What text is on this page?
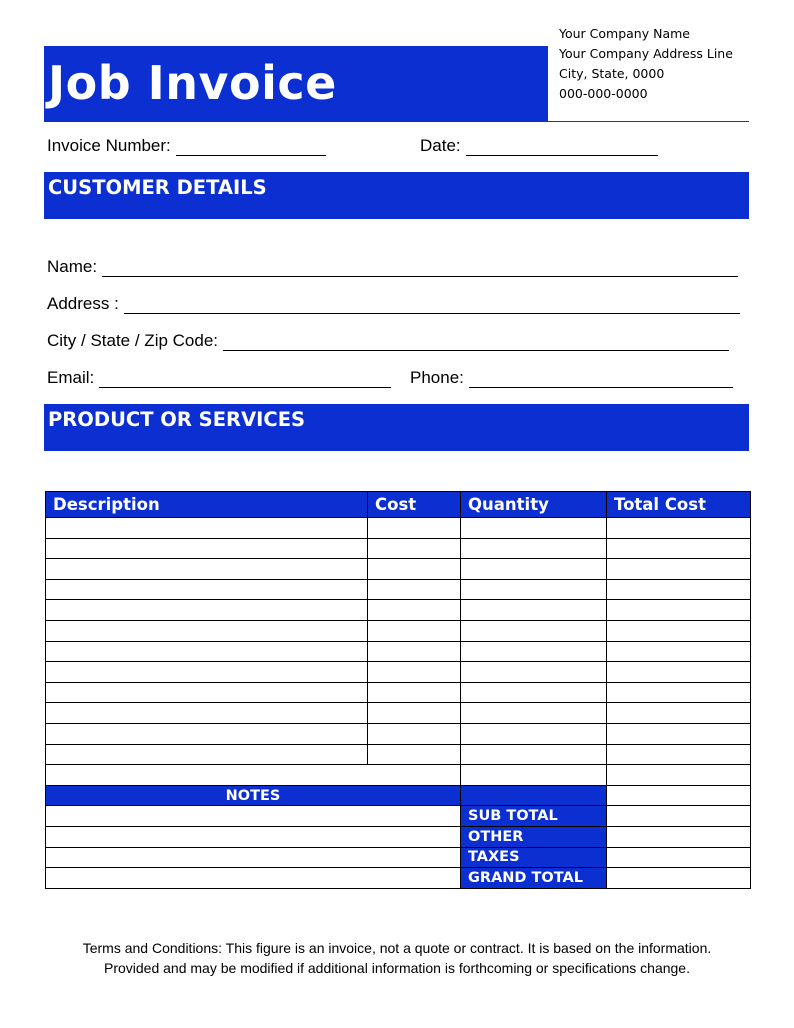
Job Invoice
Your Company Name
Your Company Address Line
City, State, 0000
000-000-0000
Invoice Number:	Date:
CUSTOMER DETAILS
Name:
Address :
City / State / Zip Code:
Email:	Phone:
PRODUCT OR SERVICES
Description	Cost	Quantity	Total Cost

NOTES			
		SUB TOTAL	
		OTHER	
		TAXES	
		GRAND TOTAL	
Terms and Conditions: This figure is an invoice, not a quote or contract. It is based on the information.
Provided and may be modified if additional information is forthcoming or specifications change.
